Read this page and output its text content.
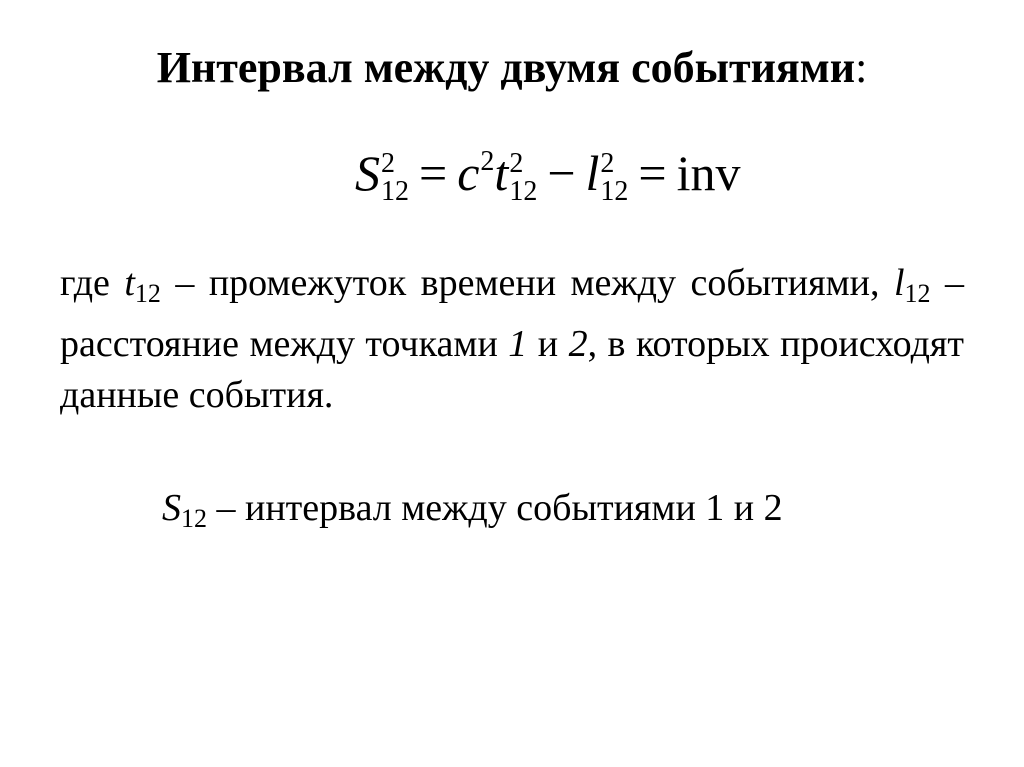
Интервал между двумя событиями:
S 2
12 = c2t 2
12 − l 2
12 = inv
где $t_{12}$ – промежуток времени между событиями, $l_{12}$ – расстояние между точками 1 и 2, в которых происходят данные события.
$S_{12}$ – интервал между событиями 1 и 2
